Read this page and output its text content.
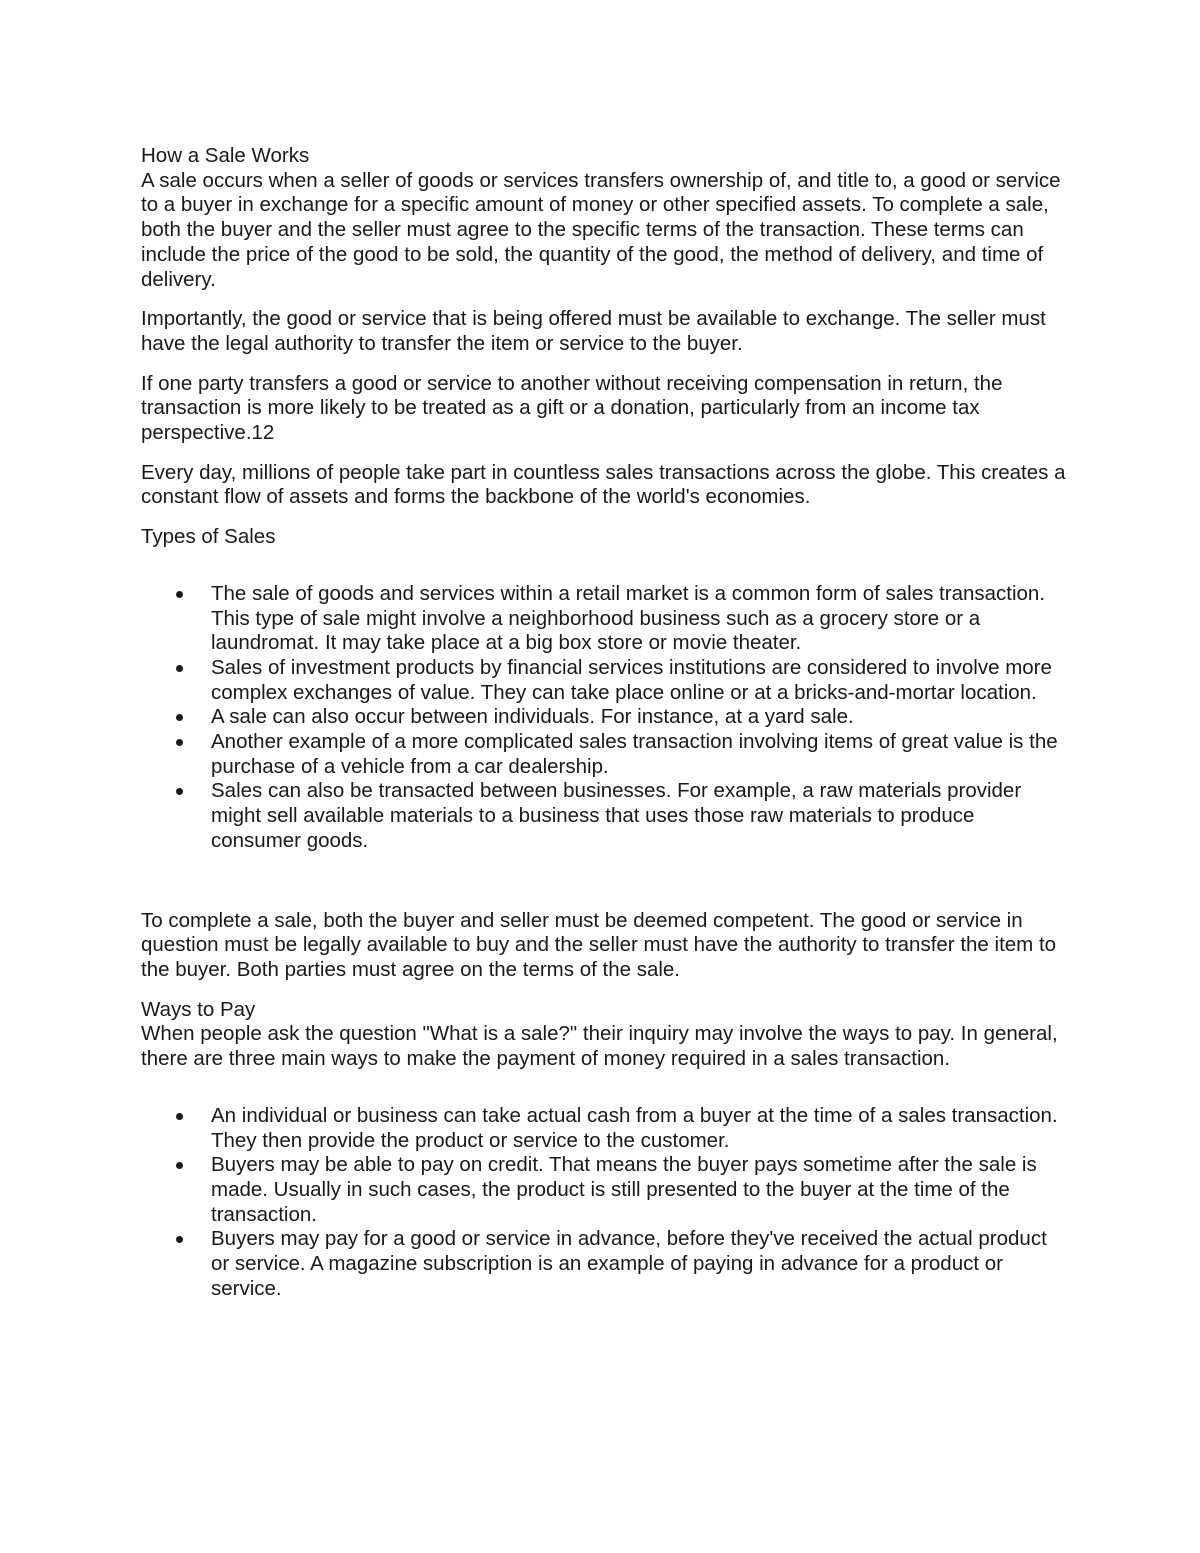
How a Sale Works

A sale occurs when a seller of goods or services transfers ownership of, and title to, a good or service to a buyer in exchange for a specific amount of money or other specified assets. To complete a sale, both the buyer and the seller must agree to the specific terms of the transaction. These terms can include the price of the good to be sold, the quantity of the good, the method of delivery, and time of delivery.

Importantly, the good or service that is being offered must be available to exchange. The seller must have the legal authority to transfer the item or service to the buyer.

If one party transfers a good or service to another without receiving compensation in return, the transaction is more likely to be treated as a gift or a donation, particularly from an income tax perspective.12

Every day, millions of people take part in countless sales transactions across the globe. This creates a constant flow of assets and forms the backbone of the world's economies.

Types of Sales

The sale of goods and services within a retail market is a common form of sales transaction. This type of sale might involve a neighborhood business such as a grocery store or a laundromat. It may take place at a big box store or movie theater.
Sales of investment products by financial services institutions are considered to involve more complex exchanges of value. They can take place online or at a bricks-and-mortar location.
A sale can also occur between individuals. For instance, at a yard sale.
Another example of a more complicated sales transaction involving items of great value is the purchase of a vehicle from a car dealership.
Sales can also be transacted between businesses. For example, a raw materials provider might sell available materials to a business that uses those raw materials to produce consumer goods.

To complete a sale, both the buyer and seller must be deemed competent. The good or service in question must be legally available to buy and the seller must have the authority to transfer the item to the buyer. Both parties must agree on the terms of the sale.

Ways to Pay

When people ask the question "What is a sale?" their inquiry may involve the ways to pay. In general, there are three main ways to make the payment of money required in a sales transaction.

An individual or business can take actual cash from a buyer at the time of a sales transaction. They then provide the product or service to the customer.
Buyers may be able to pay on credit. That means the buyer pays sometime after the sale is made. Usually in such cases, the product is still presented to the buyer at the time of the transaction.
Buyers may pay for a good or service in advance, before they've received the actual product or service. A magazine subscription is an example of paying in advance for a product or service.
